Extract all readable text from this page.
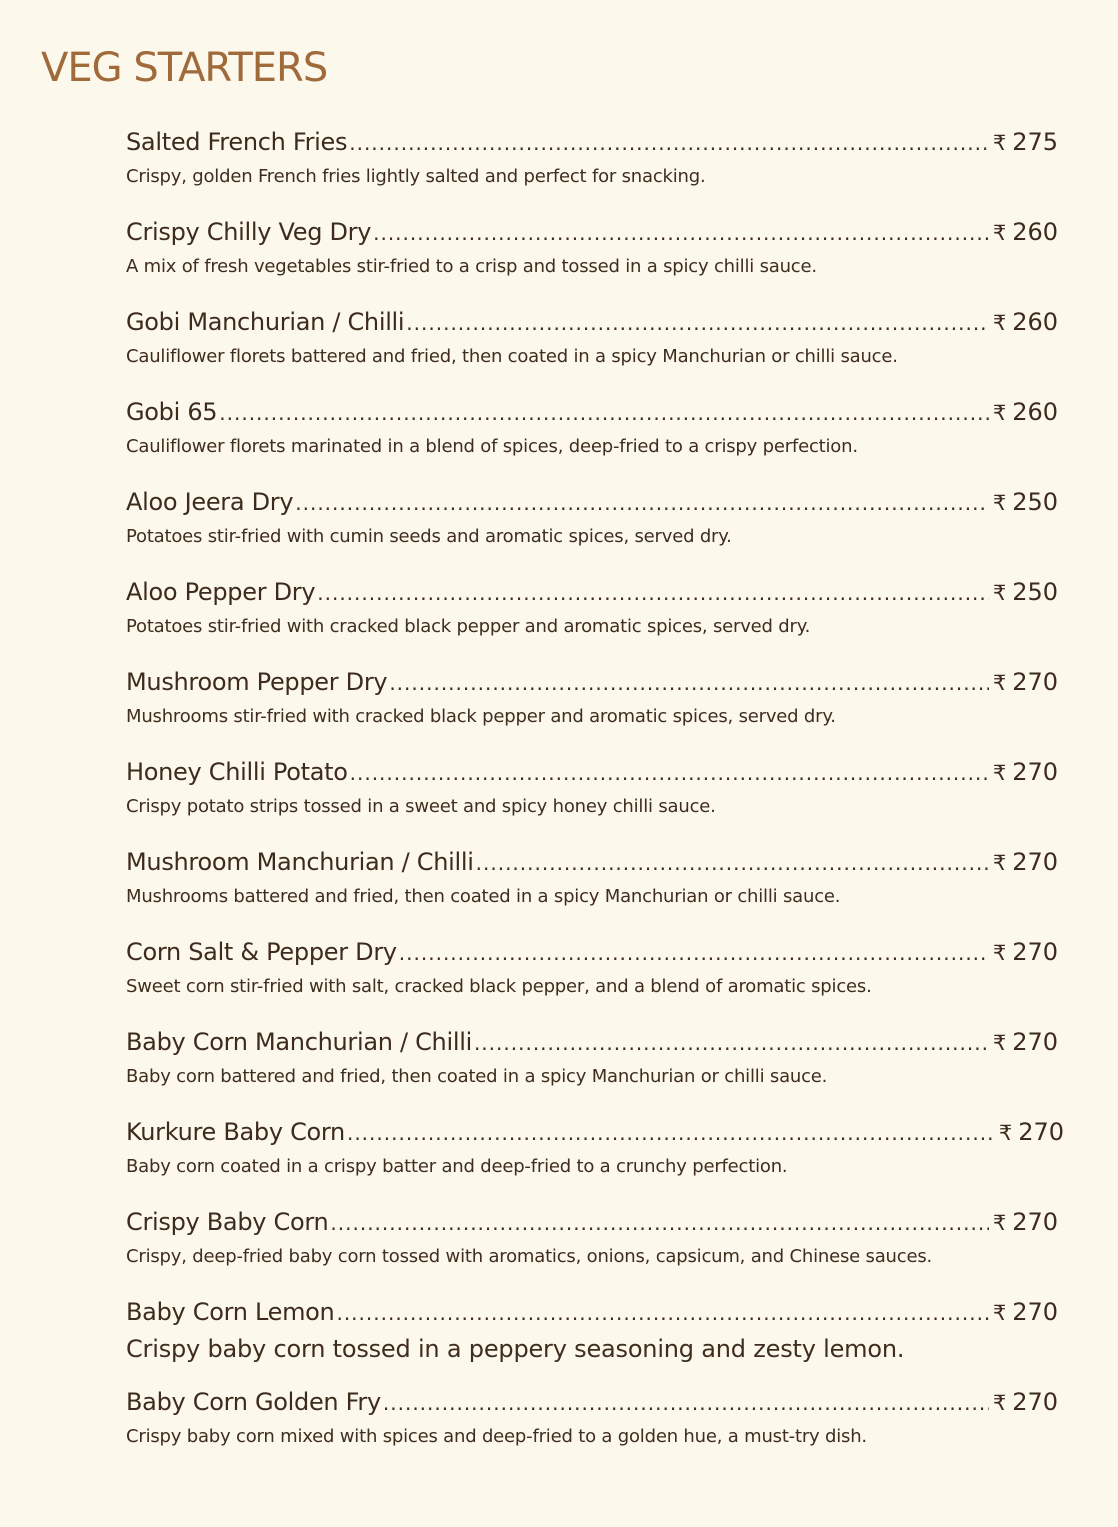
VEG STARTERS
Salted French Fries .....	₹ 275
Crispy, golden French fries lightly salted and perfect for snacking.
Crispy Chilly Veg Dry .....	₹ 260
A mix of fresh vegetables stir-fried to a crisp and tossed in a spicy chilli sauce.
Gobi Manchurian / Chilli .....	₹ 260
Cauliflower florets battered and fried, then coated in a spicy Manchurian or chilli sauce.
Gobi 65 .....	₹ 260
Cauliflower florets marinated in a blend of spices, deep-fried to a crispy perfection.
Aloo Jeera Dry .....	₹ 250
Potatoes stir-fried with cumin seeds and aromatic spices, served dry.
Aloo Pepper Dry .....	₹ 250
Potatoes stir-fried with cracked black pepper and aromatic spices, served dry.
Mushroom Pepper Dry .....	₹ 270
Mushrooms stir-fried with cracked black pepper and aromatic spices, served dry.
Honey Chilli Potato .....	₹ 270
Crispy potato strips tossed in a sweet and spicy honey chilli sauce.
Mushroom Manchurian / Chilli .....	₹ 270
Mushrooms battered and fried, then coated in a spicy Manchurian or chilli sauce.
Corn Salt & Pepper Dry .....	₹ 270
Sweet corn stir-fried with salt, cracked black pepper, and a blend of aromatic spices.
Baby Corn Manchurian / Chilli .....	₹ 270
Baby corn battered and fried, then coated in a spicy Manchurian or chilli sauce.
Kurkure Baby Corn .....	₹ 270
Baby corn coated in a crispy batter and deep-fried to a crunchy perfection.
Crispy Baby Corn .....	₹ 270
Crispy, deep-fried baby corn tossed with aromatics, onions, capsicum, and Chinese sauces.
Baby Corn Lemon .....	₹ 270
Crispy baby corn tossed in a peppery seasoning and zesty lemon.
Baby Corn Golden Fry .....	₹ 270
Crispy baby corn mixed with spices and deep-fried to a golden hue, a must-try dish.
